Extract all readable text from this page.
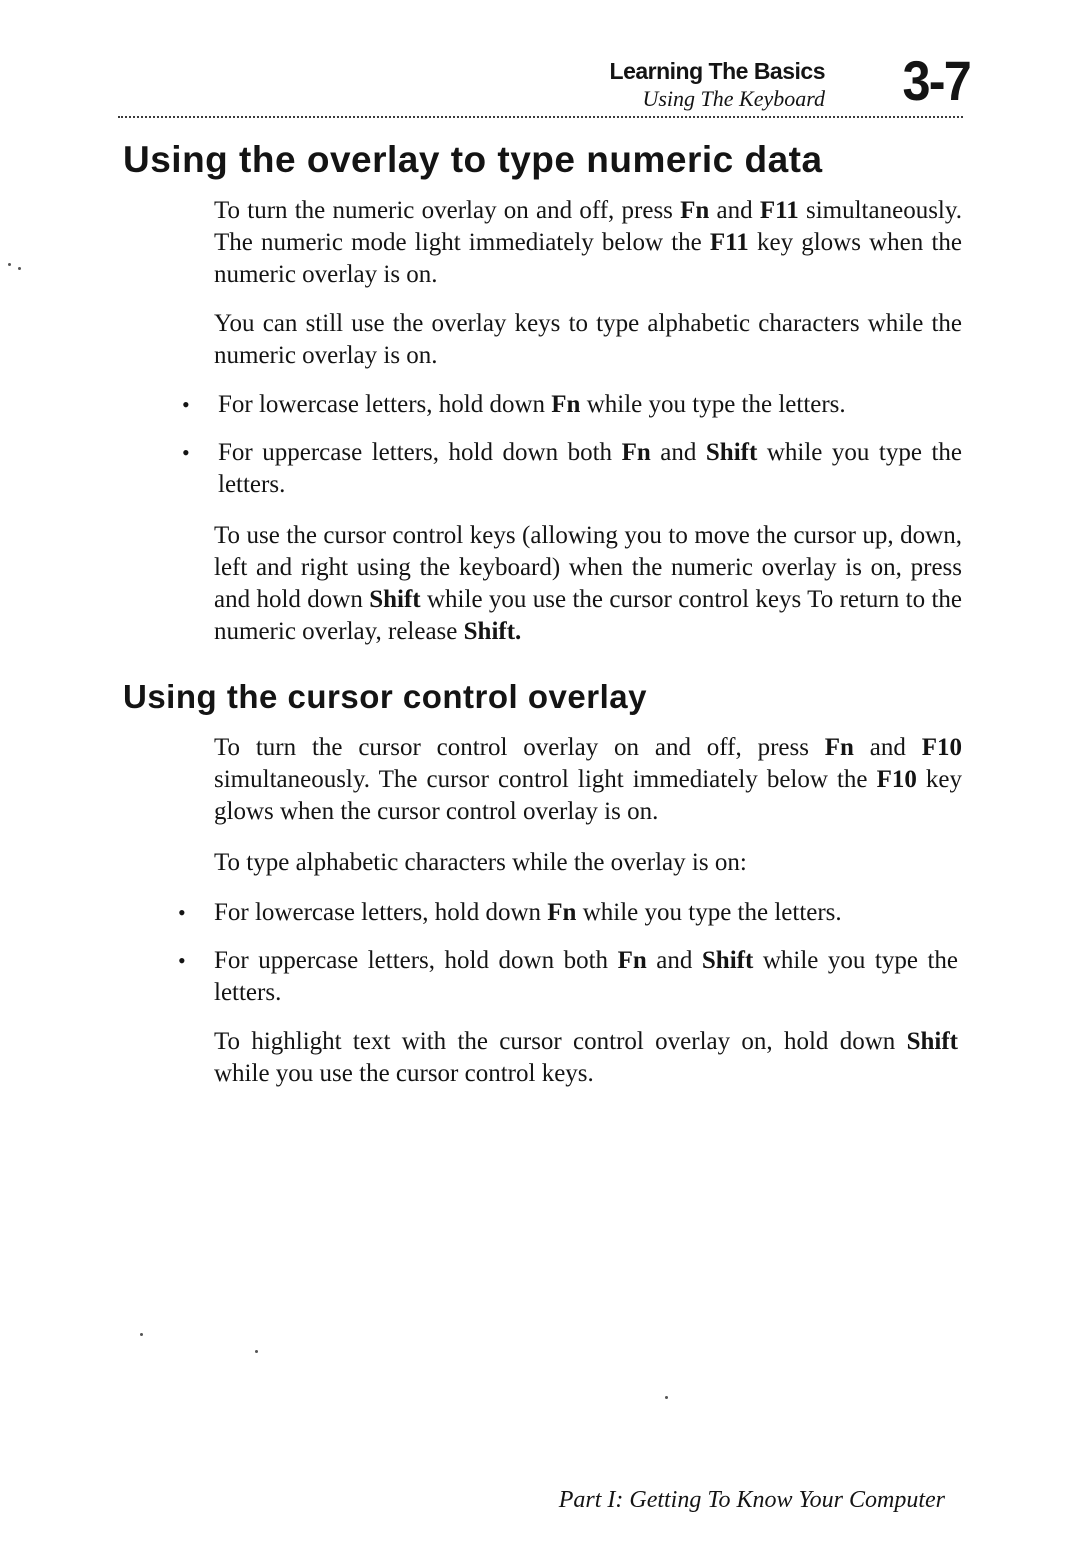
Learning The Basics
Using The Keyboard 3-7
Using the overlay to type numeric data

To turn the numeric overlay on and off, press Fn and F11 simultaneously. The numeric mode light immediately below the F11 key glows when the numeric overlay is on.

You can still use the overlay keys to type alphabetic characters while the numeric overlay is on.

• For lowercase letters, hold down Fn while you type the letters.

• For uppercase letters, hold down both Fn and Shift while you type the letters.

To use the cursor control keys (allowing you to move the cursor up, down, left and right using the keyboard) when the numeric overlay is on, press and hold down Shift while you use the cursor control keys To return to the numeric overlay, release Shift.

Using the cursor control overlay

To turn the cursor control overlay on and off, press Fn and F10 simultaneously. The cursor control light immediately below the F10 key glows when the cursor control overlay is on.

To type alphabetic characters while the overlay is on:

• For lowercase letters, hold down Fn while you type the letters.

• For uppercase letters, hold down both Fn and Shift while you type the letters.

To highlight text with the cursor control overlay on, hold down Shift while you use the cursor control keys.

Part I: Getting To Know Your Computer
